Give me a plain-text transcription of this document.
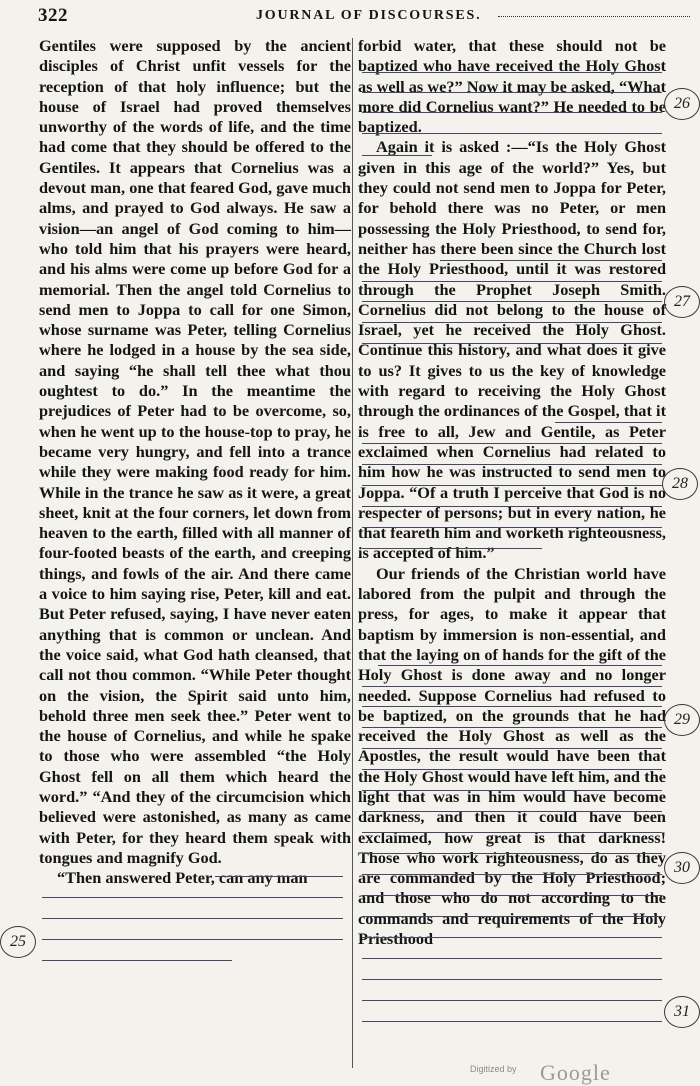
322	JOURNAL OF DISCOURSES.

Gentiles were supposed by the ancient disciples of Christ unfit vessels for the reception of that holy influence; but the house of Israel had proved themselves unworthy of the words of life, and the time had come that they should be offered to the Gentiles. It appears that Cornelius was a devout man, one that feared God, gave much alms, and prayed to God always. He saw a vision—an angel of God coming to him—who told him that his prayers were heard, and his alms were come up before God for a memorial. Then the angel told Cornelius to send men to Joppa to call for one Simon, whose surname was Peter, telling Cornelius where he lodged in a house by the sea side, and saying “he shall tell thee what thou oughtest to do.” In the meantime the prejudices of Peter had to be overcome, so, when he went up to the house-top to pray, he became very hungry, and fell into a trance while they were making food ready for him. While in the trance he saw as it were, a great sheet, knit at the four corners, let down from heaven to the earth, filled with all manner of four-footed beasts of the earth, and creeping things, and fowls of the air. And there came a voice to him saying rise, Peter, kill and eat. But Peter refused, saying, I have never eaten anything that is common or unclean. And the voice said, what God hath cleansed, that call not thou common. “While Peter thought on the vision, the Spirit said unto him, behold three men seek thee.” Peter went to the house of Cornelius, and while he spake to those who were assembled “the Holy Ghost fell on all them which heard the word.” “And they of the circumcision which believed were astonished, as many as came with Peter, for they heard them speak with tongues and magnify God.

“Then answered Peter, can any man

forbid water, that these should not be baptized who have received the Holy Ghost as well as we?” Now it may be asked, “What more did Cornelius want?” He needed to be baptized.

Again it is asked :—“Is the Holy Ghost given in this age of the world?” Yes, but they could not send men to Joppa for Peter, for behold there was no Peter, or men possessing the Holy Priesthood, to send for, neither has there been since the Church lost the Holy Priesthood, until it was restored through the Prophet Joseph Smith. Cornelius did not belong to the house of Israel, yet he received the Holy Ghost. Continue this history, and what does it give to us? It gives to us the key of knowledge with regard to receiving the Holy Ghost through the ordinances of the Gospel, that it is free to all, Jew and Gentile, as Peter exclaimed when Cornelius had related to him how he was instructed to send men to Joppa. “Of a truth I perceive that God is no respecter of persons; but in every nation, he that feareth him and worketh righteousness, is accepted of him.”

Our friends of the Christian world have labored from the pulpit and through the press, for ages, to make it appear that baptism by immersion is non-essential, and that the laying on of hands for the gift of the Holy Ghost is done away and no longer needed. Suppose Cornelius had refused to be baptized, on the grounds that he had received the Holy Ghost as well as the Apostles, the result would have been that the Holy Ghost would have left him, and the light that was in him would have become darkness, and then it could have been exclaimed, how great is that darkness! Those who work righteousness, do as they are commanded by the Holy Priesthood; and those who do not according to the commands and requirements of the Holy Priesthood

25
26
27
28
29
30
31
Digitized by Google
